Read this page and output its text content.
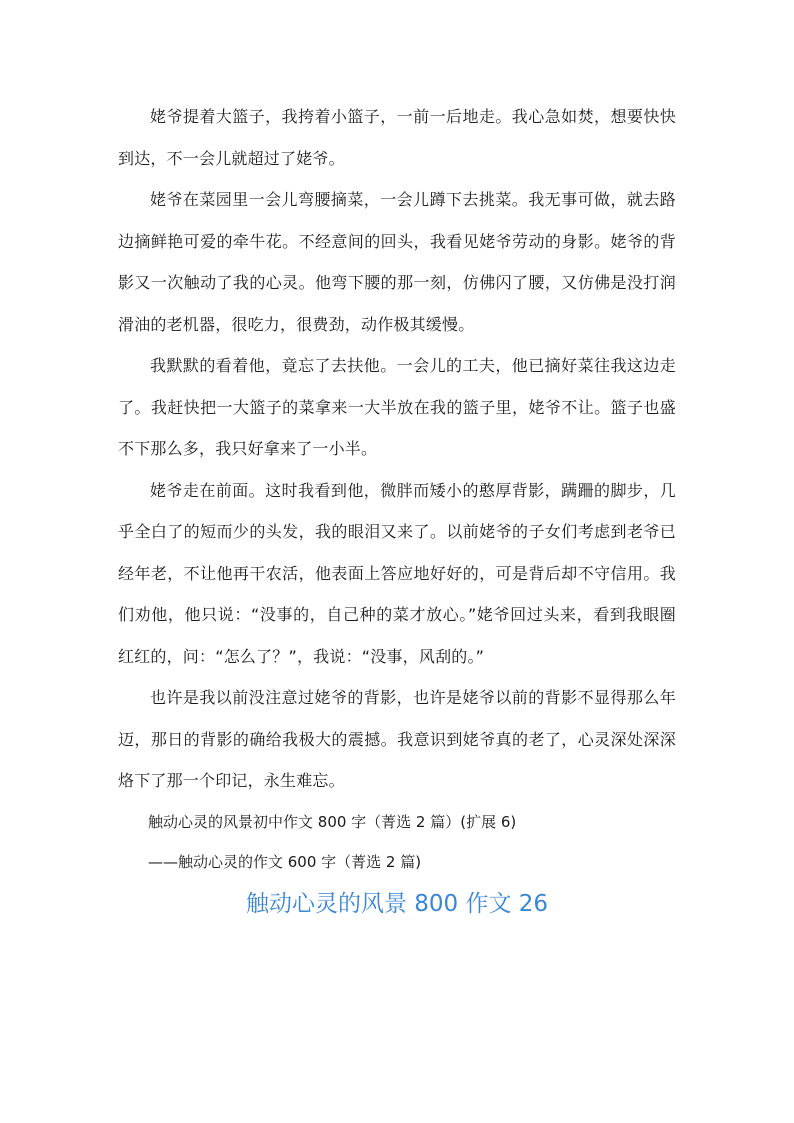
姥爷提着大篮子，我挎着小篮子，一前一后地走。我心急如焚，想要快快到达，不一会儿就超过了姥爷。

姥爷在菜园里一会儿弯腰摘菜，一会儿蹲下去挑菜。我无事可做，就去路边摘鲜艳可爱的牵牛花。不经意间的回头，我看见姥爷劳动的身影。姥爷的背影又一次触动了我的心灵。他弯下腰的那一刻，仿佛闪了腰，又仿佛是没打润滑油的老机器，很吃力，很费劲，动作极其缓慢。

我默默的看着他，竟忘了去扶他。一会儿的工夫，他已摘好菜往我这边走了。我赶快把一大篮子的菜拿来一大半放在我的篮子里，姥爷不让。篮子也盛不下那么多，我只好拿来了一小半。

姥爷走在前面。这时我看到他，微胖而矮小的憨厚背影，蹒跚的脚步，几乎全白了的短而少的头发，我的眼泪又来了。以前姥爷的子女们考虑到老爷已经年老，不让他再干农活，他表面上答应地好好的，可是背后却不守信用。我们劝他，他只说：“没事的，自己种的菜才放心。”姥爷回过头来，看到我眼圈红红的，问：“怎么了？”，我说：“没事，风刮的。”

也许是我以前没注意过姥爷的背影，也许是姥爷以前的背影不显得那么年迈，那日的背影的确给我极大的震撼。我意识到姥爷真的老了，心灵深处深深烙下了那一个印记，永生难忘。

触动心灵的风景初中作文 800 字（菁选 2 篇）(扩展 6)

——触动心灵的作文 600 字（菁选 2 篇)

触动心灵的风景 800 作文 26
